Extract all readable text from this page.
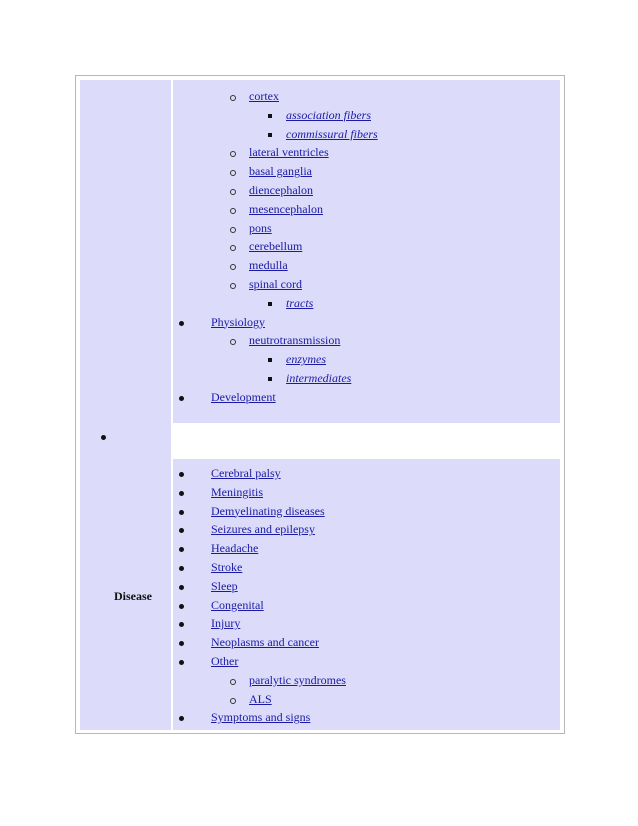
Disease
cortex
association fibers
commissural fibers
lateral ventricles
basal ganglia
diencephalon
mesencephalon
pons
cerebellum
medulla
spinal cord
tracts
Physiology
neutrotransmission
enzymes
intermediates
Development
Cerebral palsy
Meningitis
Demyelinating diseases
Seizures and epilepsy
Headache
Stroke
Sleep
Congenital
Injury
Neoplasms and cancer
Other
paralytic syndromes
ALS
Symptoms and signs
